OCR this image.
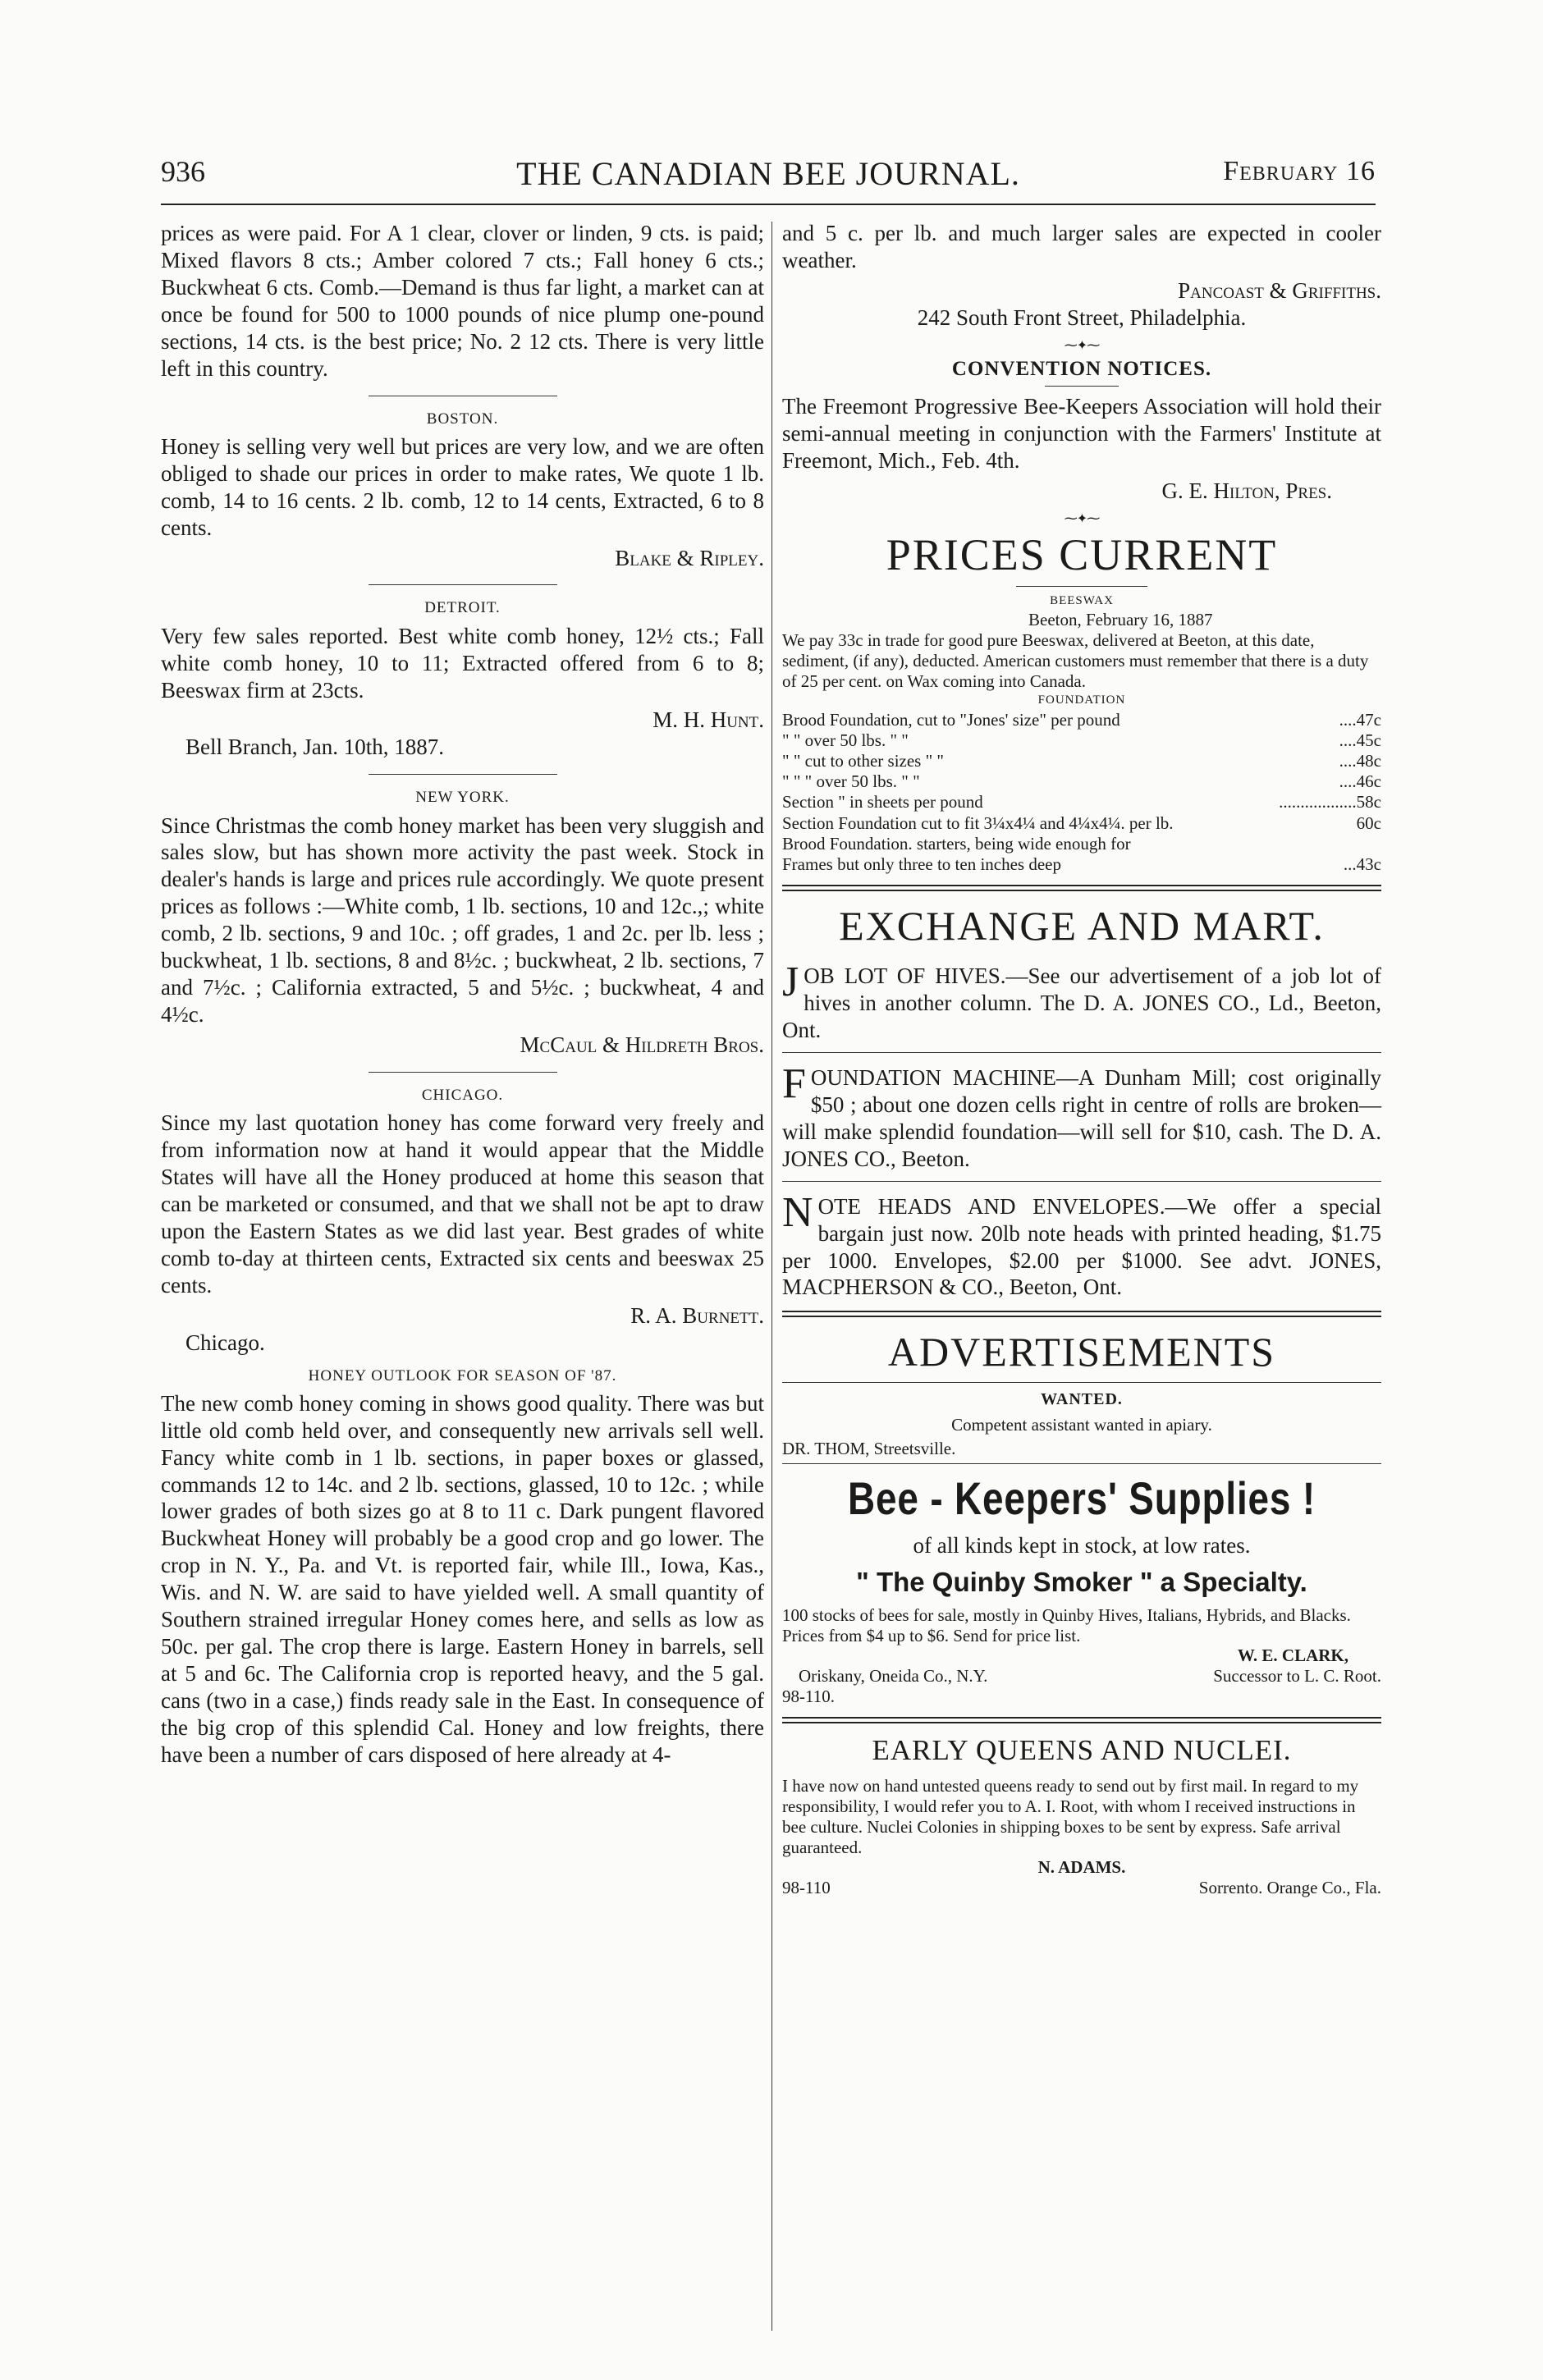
936	THE CANADIAN BEE JOURNAL.	February 16

prices as were paid. For A 1 clear, clover or linden, 9 cts. is paid; Mixed flavors 8 cts.; Amber colored 7 cts.; Fall honey 6 cts.; Buckwheat 6 cts. Comb.—Demand is thus far light, a market can at once be found for 500 to 1000 pounds of nice plump one-pound sections, 14 cts. is the best price; No. 2 12 cts. There is very little left in this country.

BOSTON.

Honey is selling very well but prices are very low, and we are often obliged to shade our prices in order to make rates, We quote 1 lb. comb, 14 to 16 cents. 2 lb. comb, 12 to 14 cents, Extracted, 6 to 8 cents.

Blake & Ripley.

DETROIT.

Very few sales reported. Best white comb honey, 12½ cts.; Fall white comb honey, 10 to 11; Extracted offered from 6 to 8; Beeswax firm at 23cts.

M. H. Hunt.

Bell Branch, Jan. 10th, 1887.

NEW YORK.

Since Christmas the comb honey market has been very sluggish and sales slow, but has shown more activity the past week. Stock in dealer's hands is large and prices rule accordingly. We quote present prices as follows :—White comb, 1 lb. sections, 10 and 12c.,; white comb, 2 lb. sections, 9 and 10c. ; off grades, 1 and 2c. per lb. less ; buckwheat, 1 lb. sections, 8 and 8½c. ; buckwheat, 2 lb. sections, 7 and 7½c. ; California extracted, 5 and 5½c. ; buckwheat, 4 and 4½c.

McCaul & Hildreth Bros.

CHICAGO.

Since my last quotation honey has come forward very freely and from information now at hand it would appear that the Middle States will have all the Honey produced at home this season that can be marketed or consumed, and that we shall not be apt to draw upon the Eastern States as we did last year. Best grades of white comb to-day at thirteen cents, Extracted six cents and beeswax 25 cents.

R. A. Burnett.

Chicago.

HONEY OUTLOOK FOR SEASON OF '87.

The new comb honey coming in shows good quality. There was but little old comb held over, and consequently new arrivals sell well. Fancy white comb in 1 lb. sections, in paper boxes or glassed, commands 12 to 14c. and 2 lb. sections, glassed, 10 to 12c. ; while lower grades of both sizes go at 8 to 11 c. Dark pungent flavored Buckwheat Honey will probably be a good crop and go lower. The crop in N. Y., Pa. and Vt. is reported fair, while Ill., Iowa, Kas., Wis. and N. W. are said to have yielded well. A small quantity of Southern strained irregular Honey comes here, and sells as low as 50c. per gal. The crop there is large. Eastern Honey in barrels, sell at 5 and 6c. The California crop is reported heavy, and the 5 gal. cans (two in a case,) finds ready sale in the East. In consequence of the big crop of this splendid Cal. Honey and low freights, there have been a number of cars disposed of here already at 4-

and 5 c. per lb. and much larger sales are expected in cooler weather.

Pancoast & Griffiths.

242 South Front Street, Philadelphia.

⁓✦⁓
CONVENTION NOTICES.

The Freemont Progressive Bee-Keepers Association will hold their semi-annual meeting in conjunction with the Farmers' Institute at Freemont, Mich., Feb. 4th.

G. E. Hilton, Pres.

⁓✦⁓
PRICES CURRENT
BEESWAX

Beeton, February 16, 1887

We pay 33c in trade for good pure Beeswax, delivered at Beeton, at this date, sediment, (if any), deducted. American customers must remember that there is a duty of 25 per cent. on Wax coming into Canada.

FOUNDATION
Brood Foundation, cut to "Jones' size" per pound	....47c
" " over 50 lbs. " "	....45c
" " cut to other sizes " "	....48c
" " " over 50 lbs. " "	....46c
Section " in sheets per pound	..................58c
Section Foundation cut to fit 3¼x4¼ and 4¼x4¼. per lb.	60c
Brood Foundation. starters, being wide enough for
Frames but only three to ten inches deep	...43c
EXCHANGE AND MART.

JOB LOT OF HIVES.—See our advertisement of a job lot of hives in another column. The D. A. JONES CO., Ld., Beeton, Ont.

FOUNDATION MACHINE—A Dunham Mill; cost originally $50 ; about one dozen cells right in centre of rolls are broken—will make splendid foundation—will sell for $10, cash. The D. A. JONES CO., Beeton.

NOTE HEADS AND ENVELOPES.—We offer a special bargain just now. 20lb note heads with printed heading, $1.75 per 1000. Envelopes, $2.00 per $1000. See advt. JONES, MACPHERSON & CO., Beeton, Ont.

ADVERTISEMENTS
WANTED.

Competent assistant wanted in apiary.

DR. THOM, Streetsville.

Bee - Keepers' Supplies !

of all kinds kept in stock, at low rates.

" The Quinby Smoker " a Specialty.

100 stocks of bees for sale, mostly in Quinby Hives, Italians, Hybrids, and Blacks. Prices from $4 up to $6. Send for price list.

W. E. CLARK,

Oriskany, Oneida Co., N.Y.	Successor to L. C. Root.

98-110.

EARLY QUEENS AND NUCLEI.

I have now on hand untested queens ready to send out by first mail. In regard to my responsibility, I would refer you to A. I. Root, with whom I received instructions in bee culture. Nuclei Colonies in shipping boxes to be sent by express. Safe arrival guaranteed.

N. ADAMS.

98-110	Sorrento. Orange Co., Fla.
